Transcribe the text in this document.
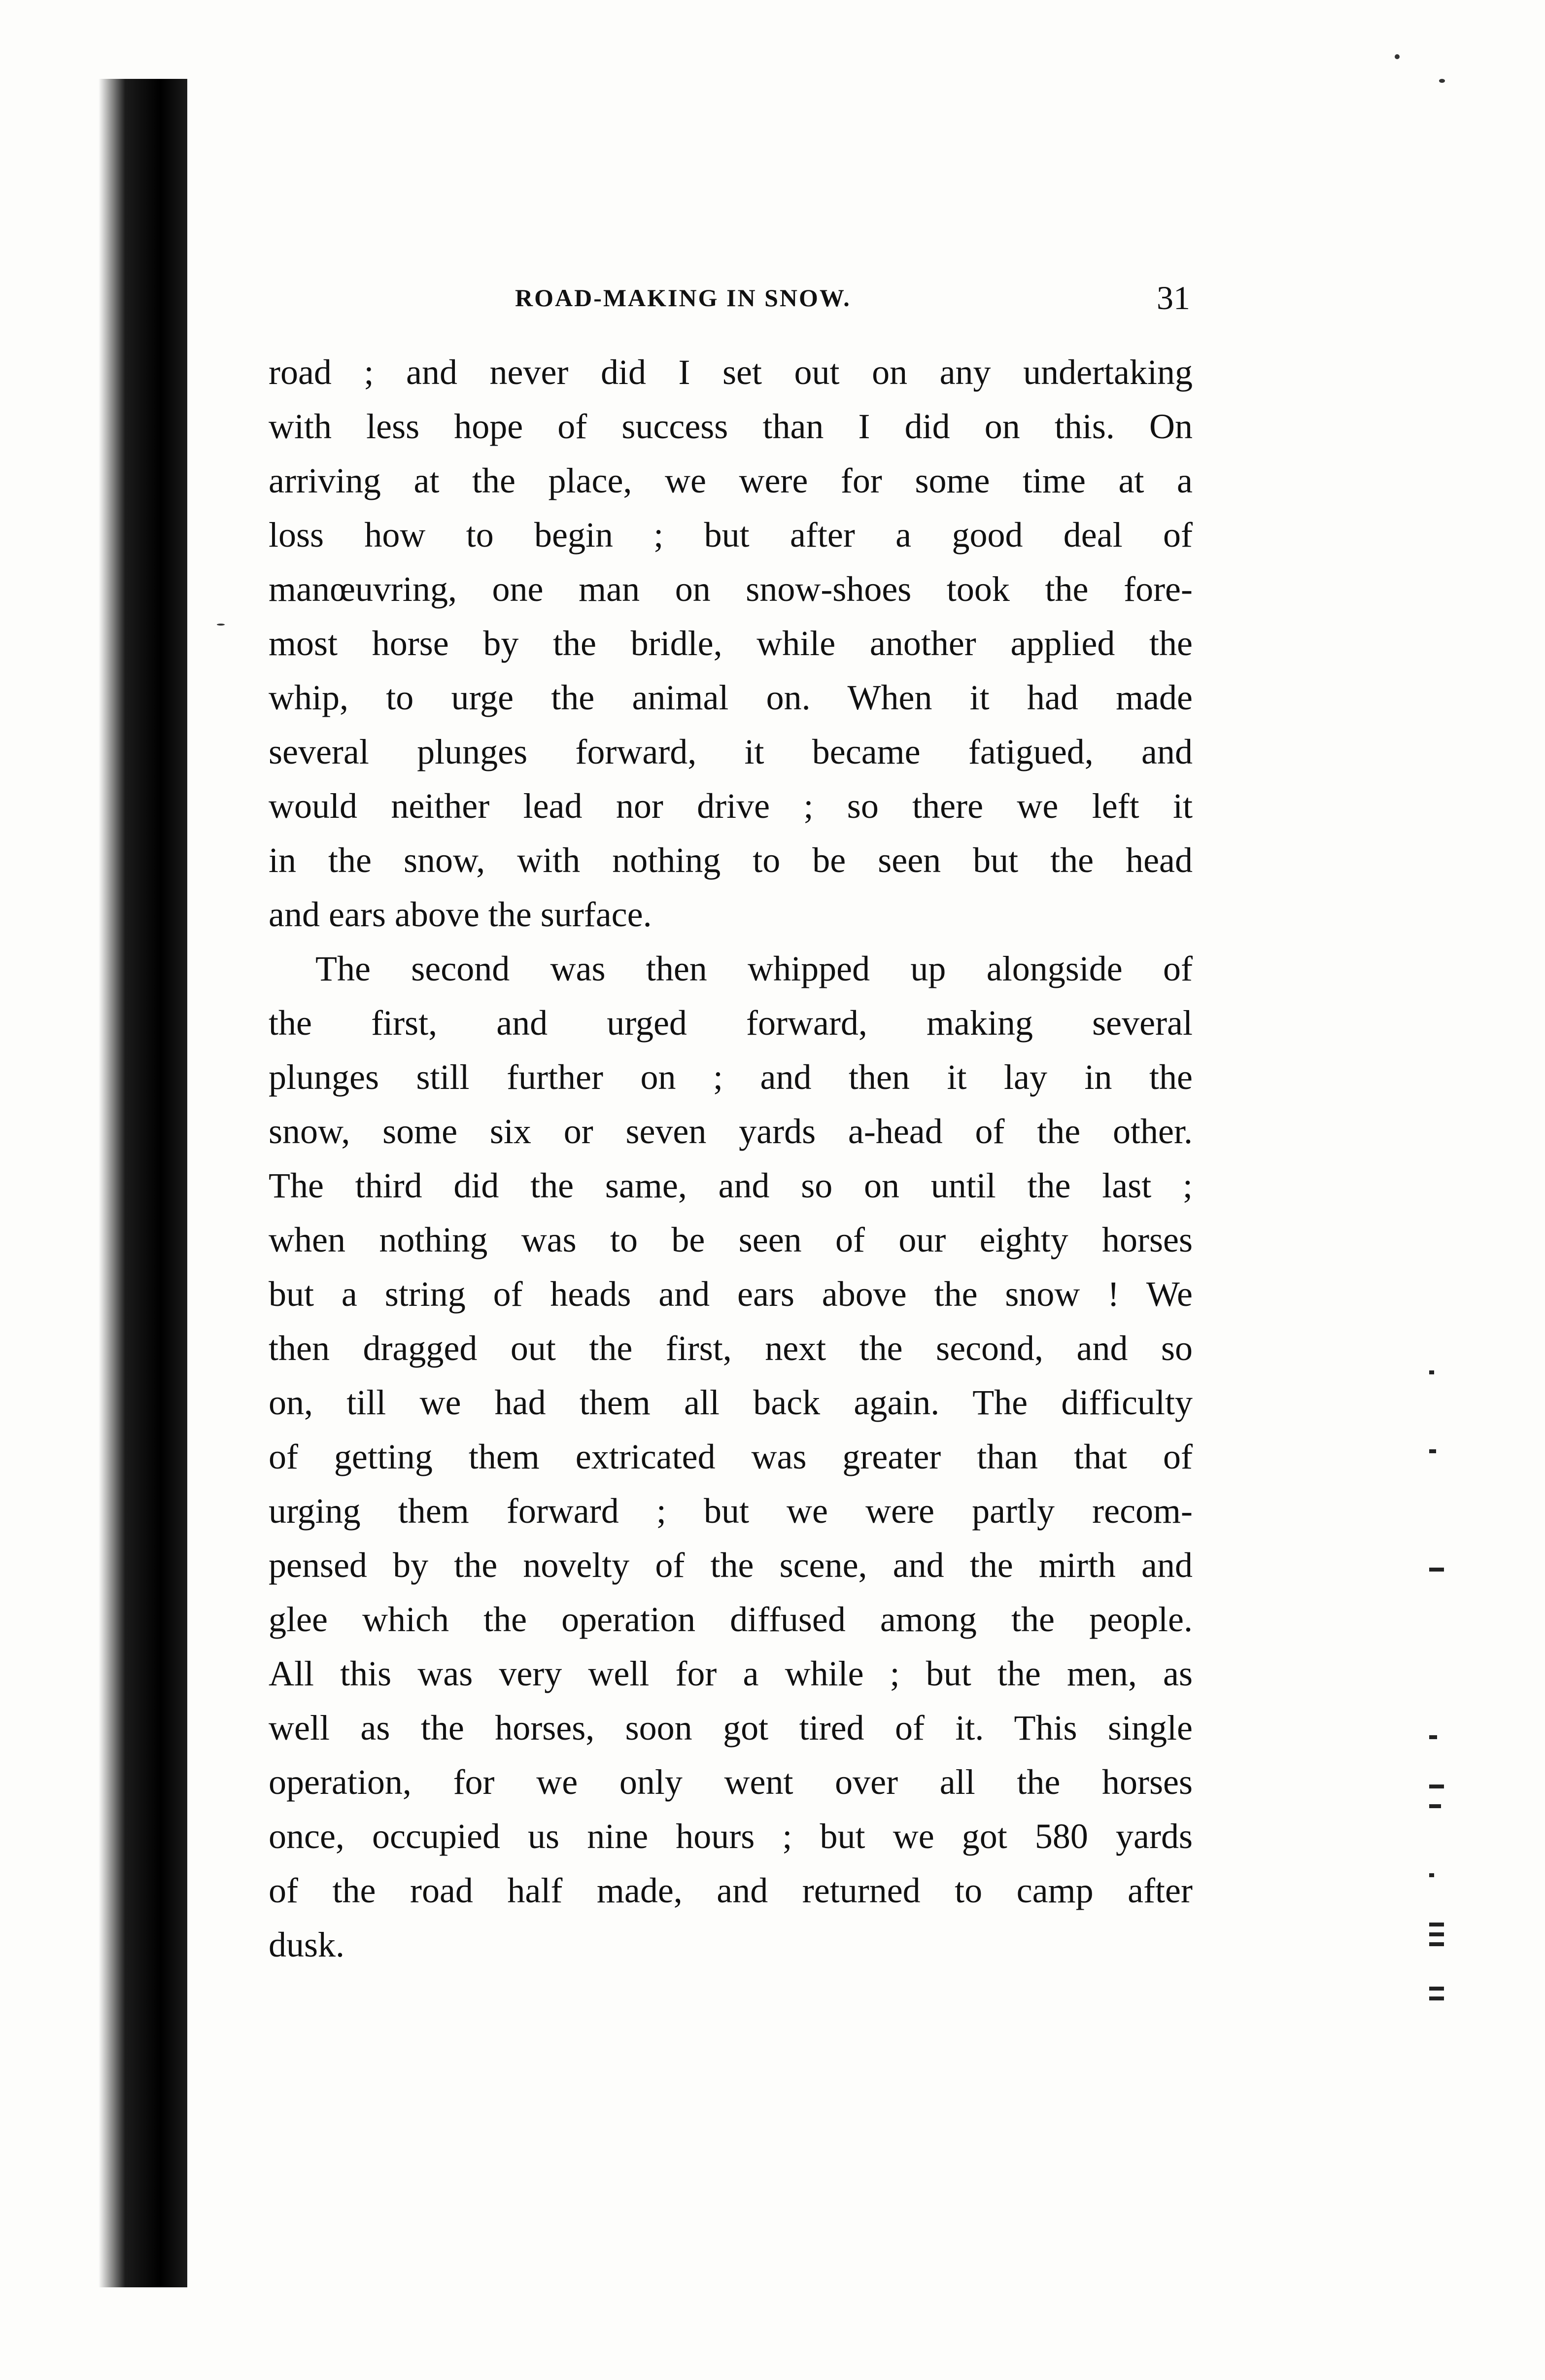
ROAD-MAKING IN SNOW.	31
road ; and never did I set out on any undertaking
with less hope of success than I did on this. On
arriving at the place, we were for some time at a
loss how to begin ; but after a good deal of
manœuvring, one man on snow-shoes took the fore-
most horse by the bridle, while another applied the
whip, to urge the animal on. When it had made
several plunges forward, it became fatigued, and
would neither lead nor drive ; so there we left it
in the snow, with nothing to be seen but the head
and ears above the surface.
The second was then whipped up alongside of
the first, and urged forward, making several
plunges still further on ; and then it lay in the
snow, some six or seven yards a-head of the other.
The third did the same, and so on until the last ;
when nothing was to be seen of our eighty horses
but a string of heads and ears above the snow ! We
then dragged out the first, next the second, and so
on, till we had them all back again. The difficulty
of getting them extricated was greater than that of
urging them forward ; but we were partly recom-
pensed by the novelty of the scene, and the mirth and
glee which the operation diffused among the people.
All this was very well for a while ; but the men, as
well as the horses, soon got tired of it. This single
operation, for we only went over all the horses
once, occupied us nine hours ; but we got 580 yards
of the road half made, and returned to camp after
dusk.
